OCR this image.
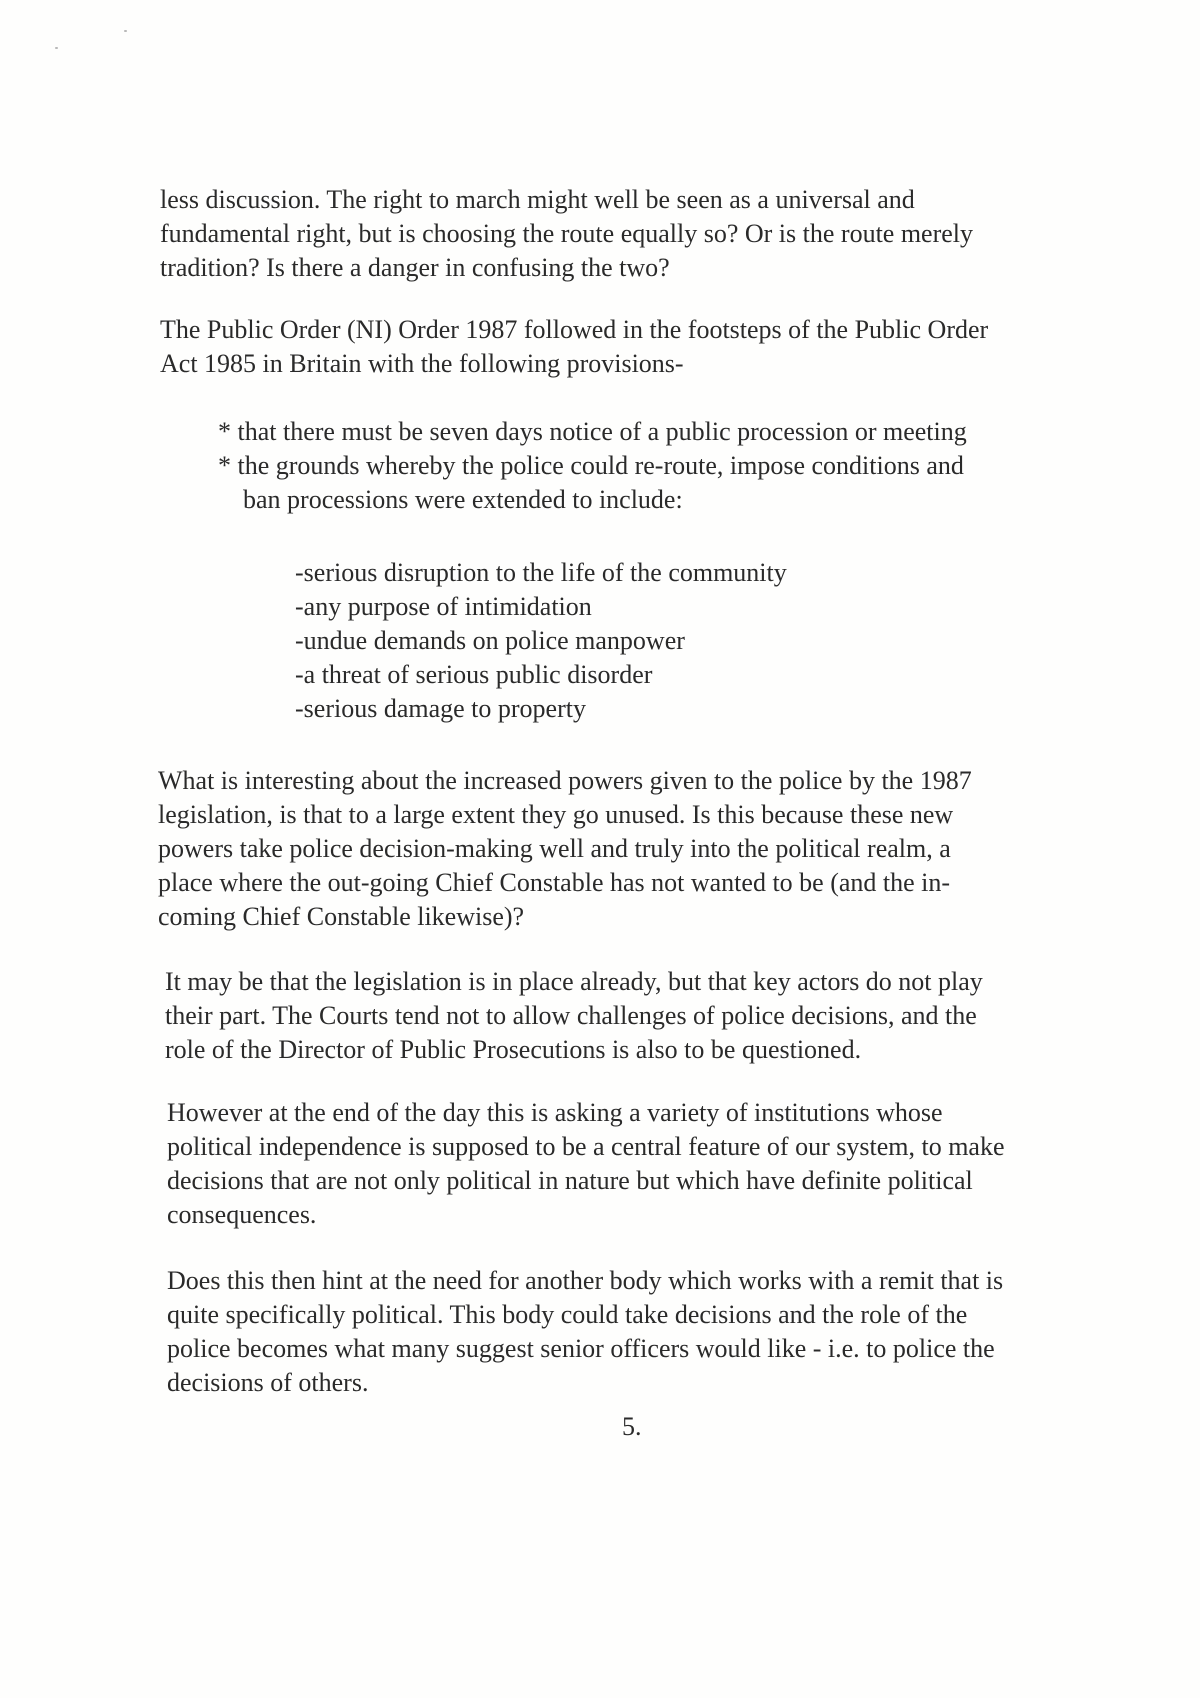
less discussion. The right to march might well be seen as a universal and
fundamental right, but is choosing the route equally so? Or is the route merely
tradition? Is there a danger in confusing the two?

The Public Order (NI) Order 1987 followed in the footsteps of the Public Order
Act 1985 in Britain with the following provisions-

* that there must be seven days notice of a public procession or meeting
* the grounds whereby the police could re-route, impose conditions and
ban processions were extended to include:
-serious disruption to the life of the community
-any purpose of intimidation
-undue demands on police manpower
-a threat of serious public disorder
-serious damage to property

What is interesting about the increased powers given to the police by the 1987
legislation, is that to a large extent they go unused. Is this because these new
powers take police decision-making well and truly into the political realm, a
place where the out-going Chief Constable has not wanted to be (and the in-
coming Chief Constable likewise)?

It may be that the legislation is in place already, but that key actors do not play
their part. The Courts tend not to allow challenges of police decisions, and the
role of the Director of Public Prosecutions is also to be questioned.

However at the end of the day this is asking a variety of institutions whose
political independence is supposed to be a central feature of our system, to make
decisions that are not only political in nature but which have definite political
consequences.

Does this then hint at the need for another body which works with a remit that is
quite specifically political. This body could take decisions and the role of the
police becomes what many suggest senior officers would like - i.e. to police the
decisions of others.

5.
